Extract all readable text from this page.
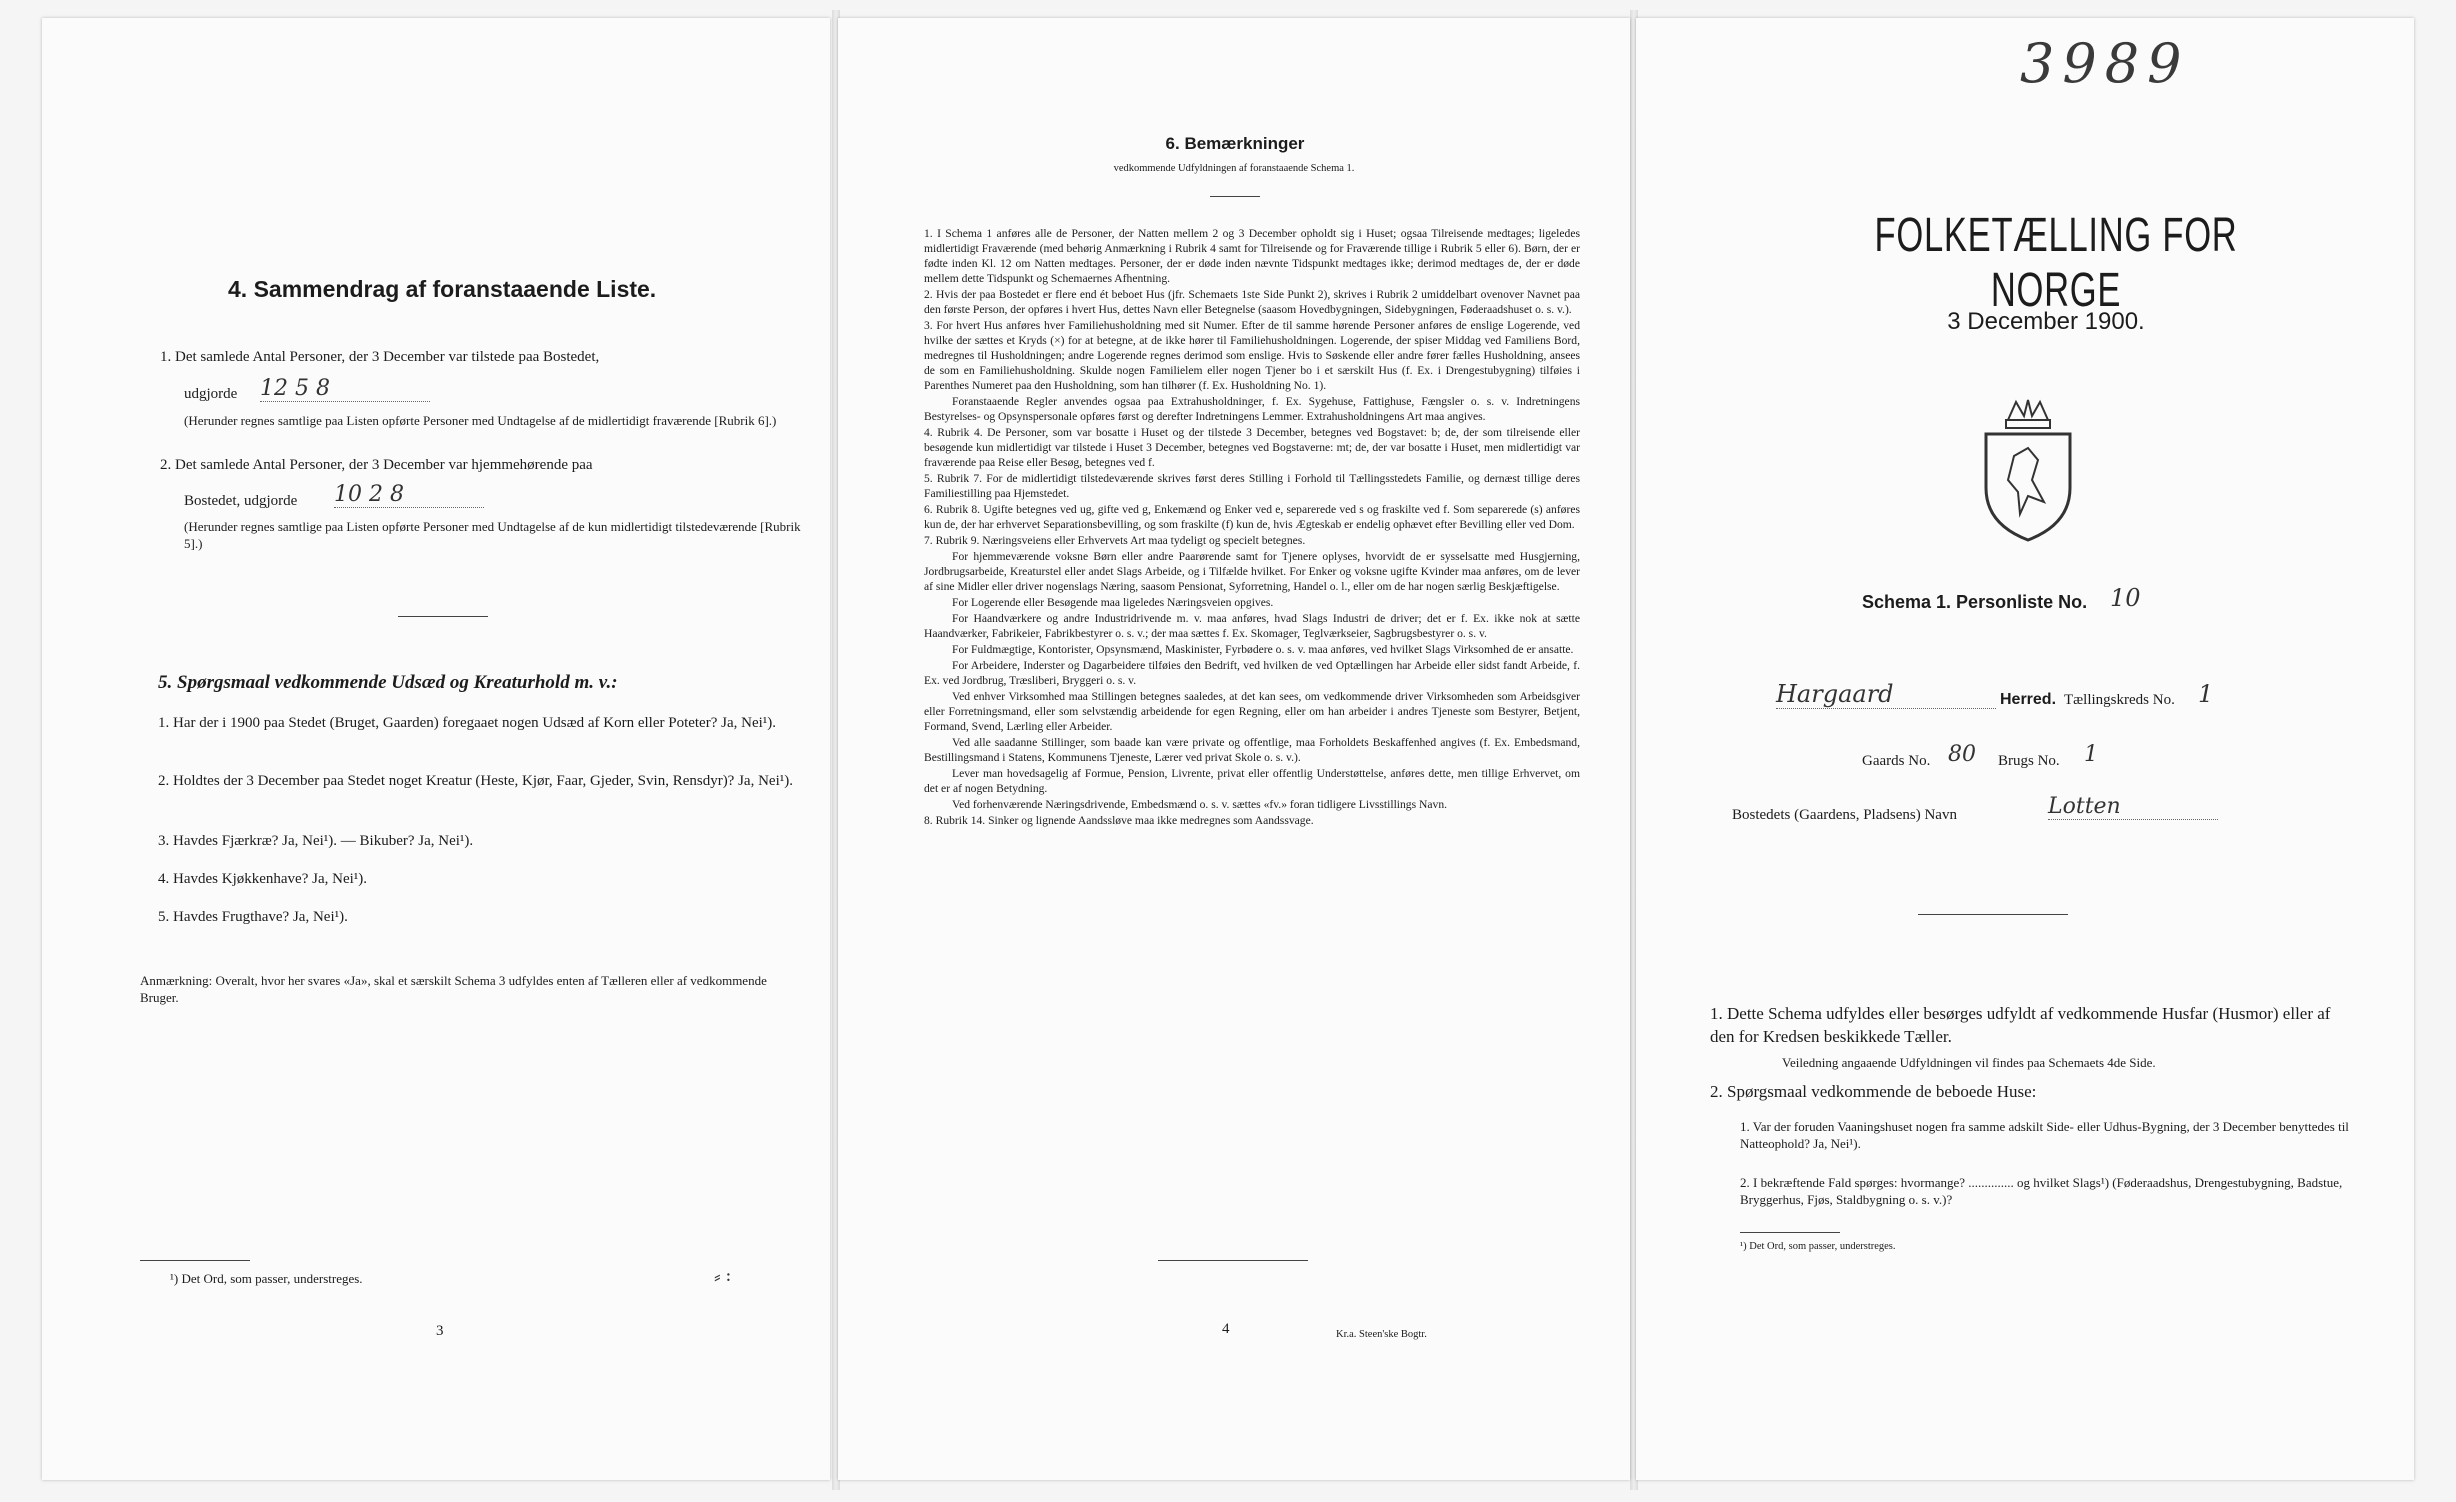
4. Sammendrag af foranstaaende Liste.
1. Det samlede Antal Personer, der 3 December var tilstede paa Bostedet,
udgjorde 12 5 8
(Herunder regnes samtlige paa Listen opførte Personer med Undtagelse af de midlertidigt fraværende [Rubrik 6].)
2. Det samlede Antal Personer, der 3 December var hjemmehørende paa
Bostedet, udgjorde 10 2 8
(Herunder regnes samtlige paa Listen opførte Personer med Undtagelse af de kun midlertidigt tilstedeværende [Rubrik 5].)
5. Spørgsmaal vedkommende Udsæd og Kreaturhold m. v.:
1. Har der i 1900 paa Stedet (Bruget, Gaarden) foregaaet nogen Udsæd af Korn eller Poteter? Ja, Nei¹).
2. Holdtes der 3 December paa Stedet noget Kreatur (Heste, Kjør, Faar, Gjeder, Svin, Rensdyr)? Ja, Nei¹).
3. Havdes Fjærkræ? Ja, Nei¹). — Bikuber? Ja, Nei¹).
4. Havdes Kjøkkenhave? Ja, Nei¹).
5. Havdes Frugthave? Ja, Nei¹).
Anmærkning: Overalt, hvor her svares «Ja», skal et særskilt Schema 3 udfyldes enten af Tælleren eller af vedkommende Bruger.
¹) Det Ord, som passer, understreges.	⸗ ꞉
3
6. Bemærkninger
vedkommende Udfyldningen af foranstaaende Schema 1.

1. I Schema 1 anføres alle de Personer, der Natten mellem 2 og 3 December opholdt sig i Huset; ogsaa Tilreisende medtages; ligeledes midlertidigt Fraværende (med behørig Anmærkning i Rubrik 4 samt for Tilreisende og for Fraværende tillige i Rubrik 5 eller 6). Børn, der er fødte inden Kl. 12 om Natten medtages. Personer, der er døde inden nævnte Tidspunkt medtages ikke; derimod medtages de, der er døde mellem dette Tidspunkt og Schemaernes Afhentning.

2. Hvis der paa Bostedet er flere end ét beboet Hus (jfr. Schemaets 1ste Side Punkt 2), skrives i Rubrik 2 umiddelbart ovenover Navnet paa den første Person, der opføres i hvert Hus, dettes Navn eller Betegnelse (saasom Hovedbygningen, Sidebygningen, Føderaadshuset o. s. v.).

3. For hvert Hus anføres hver Familiehusholdning med sit Numer. Efter de til samme hørende Personer anføres de enslige Logerende, ved hvilke der sættes et Kryds (×) for at betegne, at de ikke hører til Familiehusholdningen. Logerende, der spiser Middag ved Familiens Bord, medregnes til Husholdningen; andre Logerende regnes derimod som enslige. Hvis to Søskende eller andre fører fælles Husholdning, ansees de som en Familiehusholdning. Skulde nogen Familielem eller nogen Tjener bo i et særskilt Hus (f. Ex. i Drengestubygning) tilføies i Parenthes Numeret paa den Husholdning, som han tilhører (f. Ex. Husholdning No. 1).

Foranstaaende Regler anvendes ogsaa paa Extrahusholdninger, f. Ex. Sygehuse, Fattighuse, Fængsler o. s. v. Indretningens Bestyrelses- og Opsynspersonale opføres først og derefter Indretningens Lemmer. Extrahusholdningens Art maa angives.

4. Rubrik 4. De Personer, som var bosatte i Huset og der tilstede 3 December, betegnes ved Bogstavet: b; de, der som tilreisende eller besøgende kun midlertidigt var tilstede i Huset 3 December, betegnes ved Bogstaverne: mt; de, der var bosatte i Huset, men midlertidigt var fraværende paa Reise eller Besøg, betegnes ved f.

5. Rubrik 7. For de midlertidigt tilstedeværende skrives først deres Stilling i Forhold til Tællingsstedets Familie, og dernæst tillige deres Familiestilling paa Hjemstedet.

6. Rubrik 8. Ugifte betegnes ved ug, gifte ved g, Enkemænd og Enker ved e, separerede ved s og fraskilte ved f. Som separerede (s) anføres kun de, der har erhvervet Separationsbevilling, og som fraskilte (f) kun de, hvis Ægteskab er endelig ophævet efter Bevilling eller ved Dom.

7. Rubrik 9. Næringsveiens eller Erhvervets Art maa tydeligt og specielt betegnes.

For hjemmeværende voksne Børn eller andre Paarørende samt for Tjenere oplyses, hvorvidt de er sysselsatte med Husgjerning, Jordbrugsarbeide, Kreaturstel eller andet Slags Arbeide, og i Tilfælde hvilket. For Enker og voksne ugifte Kvinder maa anføres, om de lever af sine Midler eller driver nogenslags Næring, saasom Pensionat, Syforretning, Handel o. l., eller om de har nogen særlig Beskjæftigelse.

For Logerende eller Besøgende maa ligeledes Næringsveien opgives.

For Haandværkere og andre Industridrivende m. v. maa anføres, hvad Slags Industri de driver; det er f. Ex. ikke nok at sætte Haandværker, Fabrikeier, Fabrikbestyrer o. s. v.; der maa sættes f. Ex. Skomager, Teglværkseier, Sagbrugsbestyrer o. s. v.

For Fuldmægtige, Kontorister, Opsynsmænd, Maskinister, Fyrbødere o. s. v. maa anføres, ved hvilket Slags Virksomhed de er ansatte.

For Arbeidere, Inderster og Dagarbeidere tilføies den Bedrift, ved hvilken de ved Optællingen har Arbeide eller sidst fandt Arbeide, f. Ex. ved Jordbrug, Træsliberi, Bryggeri o. s. v.

Ved enhver Virksomhed maa Stillingen betegnes saaledes, at det kan sees, om vedkommende driver Virksomheden som Arbeidsgiver eller Forretningsmand, eller som selvstændig arbeidende for egen Regning, eller om han arbeider i andres Tjeneste som Bestyrer, Betjent, Formand, Svend, Lærling eller Arbeider.

Ved alle saadanne Stillinger, som baade kan være private og offentlige, maa Forholdets Beskaffenhed angives (f. Ex. Embedsmand, Bestillingsmand i Statens, Kommunens Tjeneste, Lærer ved privat Skole o. s. v.).

Lever man hovedsagelig af Formue, Pension, Livrente, privat eller offentlig Understøttelse, anføres dette, men tillige Erhvervet, om det er af nogen Betydning.

Ved forhenværende Næringsdrivende, Embedsmænd o. s. v. sættes «fv.» foran tidligere Livsstillings Navn.

8. Rubrik 14. Sinker og lignende Aandssløve maa ikke medregnes som Aandssvage.

4	Kr.a. Steen'ske Bogtr.
3989
FOLKETÆLLING FOR NORGE
3 December 1900.
Schema 1. Personliste No. 10
Hargaard	Herred. Tællingskreds No. 1
Gaards No. 80 Brugs No. 1
Bostedets (Gaardens, Pladsens) Navn	Lotten
1. Dette Schema udfyldes eller besørges udfyldt af vedkommende Husfar (Husmor) eller af den for Kredsen beskikkede Tæller.
Veiledning angaaende Udfyldningen vil findes paa Schemaets 4de Side.
2. Spørgsmaal vedkommende de beboede Huse:
1. Var der foruden Vaaningshuset nogen fra samme adskilt Side- eller Udhus-Bygning, der 3 December benyttedes til Natteophold? Ja, Nei¹).
2. I bekræftende Fald spørges: hvormange? .............. og hvilket Slags¹) (Føderaadshus, Drengestubygning, Badstue, Bryggerhus, Fjøs, Staldbygning o. s. v.)?
¹) Det Ord, som passer, understreges.
